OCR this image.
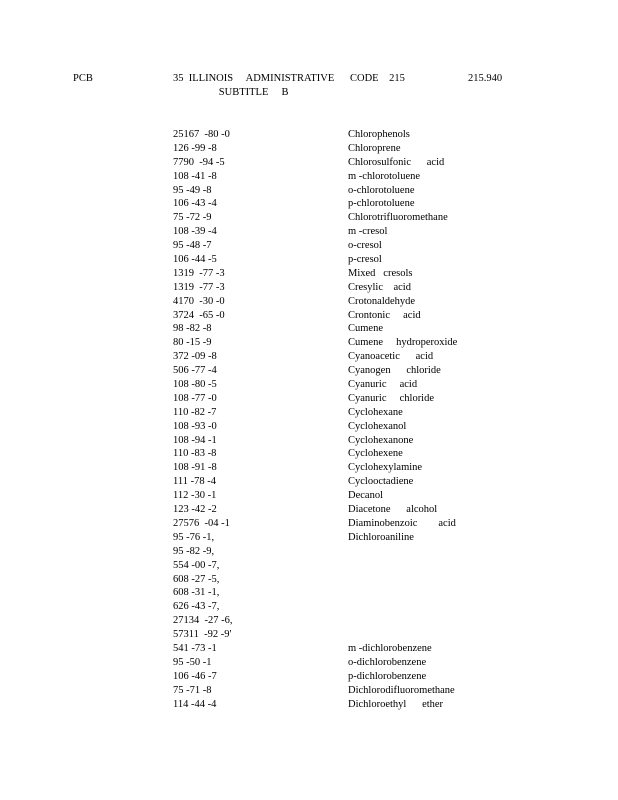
PCB	35  ILLINOIS     ADMINISTRATIVE
SUBTITLE     B
CODE    215	215.940
25167  -80 -0
126 -99 -8
7790  -94 -5
108 -41 -8
95 -49 -8
106 -43 -4
75 -72 -9
108 -39 -4
95 -48 -7
106 -44 -5
1319  -77 -3
1319  -77 -3
4170  -30 -0
3724  -65 -0
98 -82 -8
80 -15 -9
372 -09 -8
506 -77 -4
108 -80 -5
108 -77 -0
110 -82 -7
108 -93 -0
108 -94 -1
110 -83 -8
108 -91 -8
111 -78 -4
112 -30 -1
123 -42 -2
27576  -04 -1
95 -76 -1,
95 -82 -9,
554 -00 -7,
608 -27 -5,
608 -31 -1,
626 -43 -7,
27134  -27 -6,
57311  -92 -9'
541 -73 -1
95 -50 -1
106 -46 -7
75 -71 -8
114 -44 -4
Chlorophenols
Chloroprene
Chlorosulfonic      acid
m -chlorotoluene
o-chlorotoluene
p-chlorotoluene
Chlorotrifluoromethane
m -cresol
o-cresol
p-cresol
Mixed   cresols
Cresylic    acid
Crotonaldehyde
Crontonic     acid
Cumene
Cumene     hydroperoxide
Cyanoacetic      acid
Cyanogen      chloride
Cyanuric     acid
Cyanuric     chloride
Cyclohexane
Cyclohexanol
Cyclohexanone
Cyclohexene
Cyclohexylamine
Cyclooctadiene
Decanol
Diacetone      alcohol
Diaminobenzoic        acid
Dichloroaniline
m -dichlorobenzene
o-dichlorobenzene
p-dichlorobenzene
Dichlorodifluoromethane
Dichloroethyl      ether
